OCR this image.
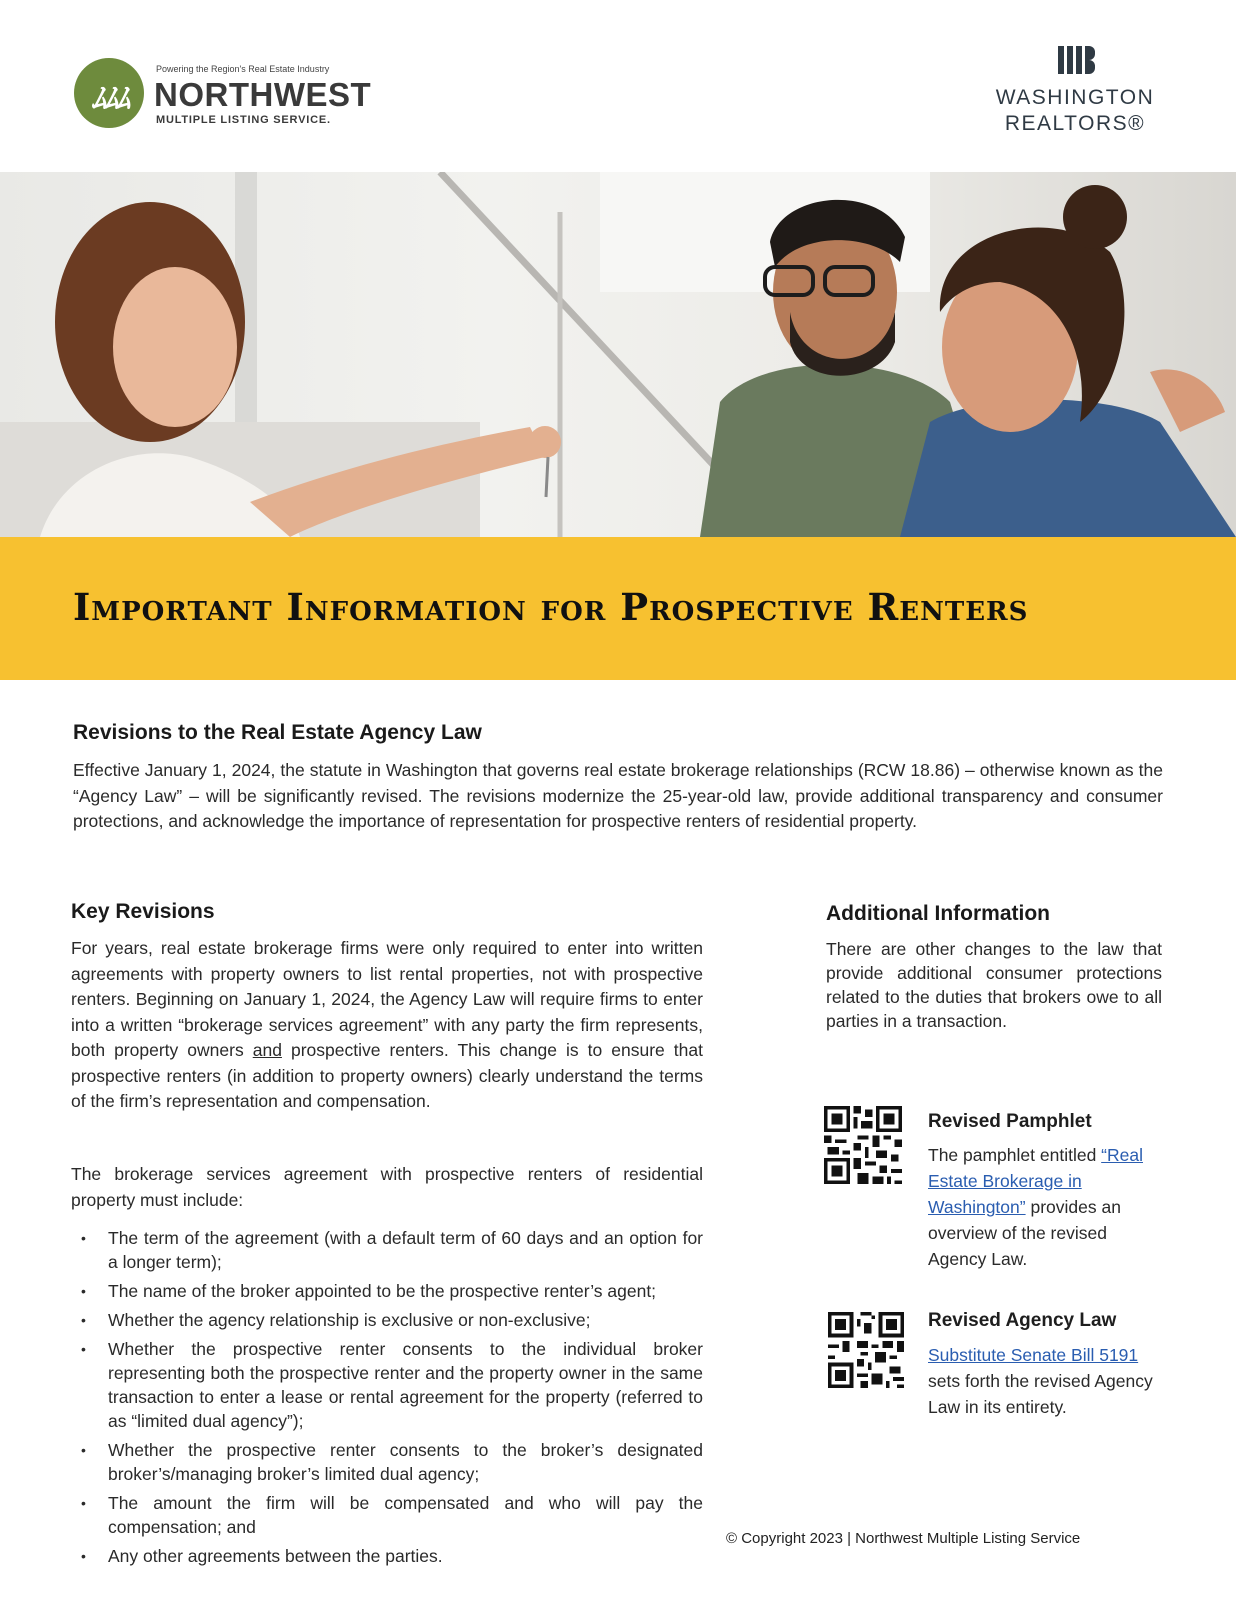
ﾑﾑﾑ
Powering the Region's Real Estate Industry
NORTHWEST
MULTIPLE LISTING SERVICE.
WASHINGTON
REALTORS®
Important Information for Prospective Renters
Revisions to the Real Estate Agency Law

Effective January 1, 2024, the statute in Washington that governs real estate brokerage relationships (RCW 18.86) – otherwise known as the “Agency Law” – will be significantly revised. The revisions modernize the 25-year-old law, provide additional transparency and consumer protections, and acknowledge the importance of representation for prospective renters of residential property.

Key Revisions

For years, real estate brokerage firms were only required to enter into written agreements with property owners to list rental properties, not with prospective renters. Beginning on January 1, 2024, the Agency Law will require firms to enter into a written “brokerage services agreement” with any party the firm represents, both property owners and prospective renters. This change is to ensure that prospective renters (in addition to property owners) clearly understand the terms of the firm’s representation and compensation.

The brokerage services agreement with prospective renters of residential property must include:

• The term of the agreement (with a default term of 60 days and an option for a longer term);
• The name of the broker appointed to be the prospective renter’s agent;
• Whether the agency relationship is exclusive or non-exclusive;
• Whether the prospective renter consents to the individual broker representing both the prospective renter and the property owner in the same transaction to enter a lease or rental agreement for the property (referred to as “limited dual agency”);
• Whether the prospective renter consents to the broker’s designated broker’s/managing broker’s limited dual agency;
• The amount the firm will be compensated and who will pay the compensation; and
• Any other agreements between the parties.
Additional Information

There are other changes to the law that provide additional consumer protections related to the duties that brokers owe to all parties in a transaction.

Revised Pamphlet

The pamphlet entitled “Real Estate Brokerage in Washington” provides an overview of the revised Agency Law.

Revised Agency Law

Substitute Senate Bill 5191 sets forth the revised Agency Law in its entirety.

© Copyright 2023 | Northwest Multiple Listing Service
